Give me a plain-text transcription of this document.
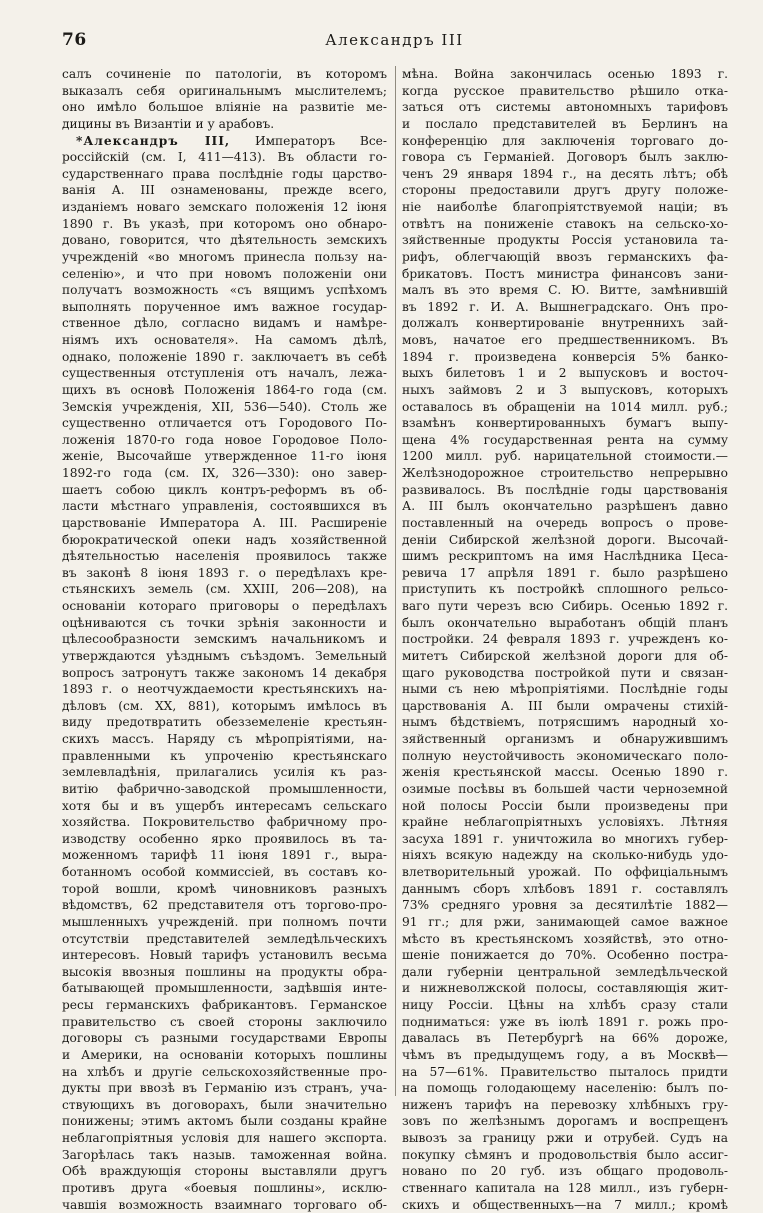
76	Александръ III
салъ сочиненіе по патологіи, въ которомъ
выказалъ себя оригинальнымъ мыслителемъ;
оно имѣло большое вліяніе на развитіе ме-
дицины въ Византіи и у арабовъ.
*Александръ III, Императоръ Все-
россійскій (см. I, 411—413). Въ области го-
сударственнаго права послѣдніе годы царство-
ванія А. III ознаменованы, прежде всего,
изданіемъ новаго земскаго положенія 12 іюня
1890 г. Въ указѣ, при которомъ оно обнаро-
довано, говорится, что дѣятельность земскихъ
учрежденій «во многомъ принесла пользу на-
селенію», и что при новомъ положеніи они
получатъ возможность «съ вящимъ успѣхомъ
выполнять порученное имъ важное государ-
ственное дѣло, согласно видамъ и намѣре-
ніямъ ихъ основателя». На самомъ дѣлѣ,
однако, положеніе 1890 г. заключаетъ въ себѣ
существенныя отступленія отъ началъ, лежа-
щихъ въ основѣ Положенія 1864-го года (см.
Земскія учрежденія, XII, 536—540). Столь же
существенно отличается отъ Городового По-
ложенія 1870-го года новое Городовое Поло-
женіе, Высочайше утвержденное 11-го іюня
1892-го года (см. IX, 326—330): оно завер-
шаетъ собою циклъ контръ-реформъ въ об-
ласти мѣстнаго управленія, состоявшихся въ
царствованіе Императора А. III. Расширеніе
бюрократической опеки надъ хозяйственной
дѣятельностью населенія проявилось также
въ законѣ 8 іюня 1893 г. о передѣлахъ кре-
стьянскихъ земель (см. XXIII, 206—208), на
основаніи котораго приговоры о передѣлахъ
оцѣниваются съ точки зрѣнія законности и
цѣлесообразности земскимъ начальникомъ и
утверждаются уѣзднымъ съѣздомъ. Земельный
вопросъ затронутъ также закономъ 14 декабря
1893 г. о неотчуждаемости крестьянскихъ на-
дѣловъ (см. XX, 881), которымъ имѣлось въ
виду предотвратить обезземеленіе крестьян-
скихъ массъ. Наряду съ мѣропріятіями, на-
правленными къ упроченію крестьянскаго
землевладѣнія, прилагались усилія къ раз-
витію фабрично-заводской промышленности,
хотя бы и въ ущербъ интересамъ сельскаго
хозяйства. Покровительство фабричному про-
изводству особенно ярко проявилось въ та-
моженномъ тарифѣ 11 іюня 1891 г., выра-
ботанномъ особой коммиссіей, въ составъ ко-
торой вошли, кромѣ чиновниковъ разныхъ
вѣдомствъ, 62 представителя отъ торгово-про-
мышленныхъ учрежденій. при полномъ почти
отсутствіи представителей земледѣльческихъ
интересовъ. Новый тарифъ установилъ весьма
высокія ввозныя пошлины на продукты обра-
батывающей промышленности, задѣвшія инте-
ресы германскихъ фабрикантовъ. Германское
правительство съ своей стороны заключило
договоры съ разными государствами Европы
и Америки, на основаніи которыхъ пошлины
на хлѣбъ и другіе сельскохозяйственные про-
дукты при ввозѣ въ Германію изъ странъ, уча-
ствующихъ въ договорахъ, были значительно
понижены; этимъ актомъ были созданы крайне
неблагопріятныя условія для нашего экспорта.
Загорѣлась такъ назыв. таможенная война.
Обѣ враждующія стороны выставляли другъ
противъ друга «боевыя пошлины», исклю-
чавшія возможность взаимнаго торговаго об-
мѣна. Война закончилась осенью 1893 г.
когда русское правительство рѣшило отка-
заться отъ системы автономныхъ тарифовъ
и послало представителей въ Берлинъ на
конференцію для заключенія торговаго до-
говора съ Германіей. Договоръ былъ заклю-
ченъ 29 января 1894 г., на десять лѣтъ; обѣ
стороны предоставили другъ другу положе-
ніе наиболѣе благопріятствуемой націи; въ
отвѣтъ на пониженіе ставокъ на сельско-хо-
зяйственные продукты Россія установила та-
рифъ, облегчающій ввозъ германскихъ фа-
брикатовъ. Постъ министра финансовъ зани-
малъ въ это время С. Ю. Витте, замѣнившій
въ 1892 г. И. А. Вышнеградскаго. Онъ про-
должалъ конвертированіе внутреннихъ зай-
мовъ, начатое его предшественникомъ. Въ
1894 г. произведена конверсія 5% банко-
выхъ билетовъ 1 и 2 выпусковъ и восточ-
ныхъ займовъ 2 и 3 выпусковъ, которыхъ
оставалось въ обращеніи на 1014 милл. руб.;
взамѣнъ конвертированныхъ бумагъ выпу-
щена 4% государственная рента на сумму
1200 милл. руб. нарицательной стоимости.—
Желѣзнодорожное строительство непрерывно
развивалось. Въ послѣдніе годы царствованія
А. III былъ окончательно разрѣшенъ давно
поставленный на очередь вопросъ о прове-
деніи Сибирской желѣзной дороги. Высочай-
шимъ рескриптомъ на имя Наслѣдника Цеса-
ревича 17 апрѣля 1891 г. было разрѣшено
приступить къ постройкѣ сплошного рельсо-
ваго пути черезъ всю Сибирь. Осенью 1892 г.
былъ окончательно выработанъ общій планъ
постройки. 24 февраля 1893 г. учрежденъ ко-
митетъ Сибирской желѣзной дороги для об-
щаго руководства постройкой пути и связан-
ными съ нею мѣропріятіями. Послѣдніе годы
царствованія А. III были омрачены стихій-
нымъ бѣдствіемъ, потрясшимъ народный хо-
зяйственный организмъ и обнаружившимъ
полную неустойчивость экономическаго поло-
женія крестьянской массы. Осенью 1890 г.
озимые посѣвы въ большей части черноземной
ной полосы Россіи были произведены при
крайне неблагопріятныхъ условіяхъ. Лѣтняя
засуха 1891 г. уничтожила во многихъ губер-
ніяхъ всякую надежду на сколько-нибудь удо-
влетворительный урожай. По оффиціальнымъ
даннымъ сборъ хлѣбовъ 1891 г. составлялъ
73% средняго уровня за десятилѣтіе 1882—
91 гг.; для ржи, занимающей самое важное
мѣсто въ крестьянскомъ хозяйствѣ, это отно-
шеніе понижается до 70%. Особенно постра-
дали губерніи центральной земледѣльческой
и нижневолжской полосы, составляющія жит-
ницу Россіи. Цѣны на хлѣбъ сразу стали
подниматься: уже въ іюлѣ 1891 г. рожь про-
давалась въ Петербургѣ на 66% дороже,
чѣмъ въ предыдущемъ году, а въ Москвѣ—
на 57—61%. Правительство пыталось придти
на помощь голодающему населенію: былъ по-
ниженъ тарифъ на перевозку хлѣбныхъ гру-
зовъ по желѣзнымъ дорогамъ и воспрещенъ
вывозъ за границу ржи и отрубей. Судъ на
покупку сѣмянъ и продовольствія было ассиг-
новано по 20 губ. изъ общаго продоволь-
ственнаго капитала на 128 милл., изъ губерн-
скихъ и общественныхъ—на 7 милл.; кромѣ
